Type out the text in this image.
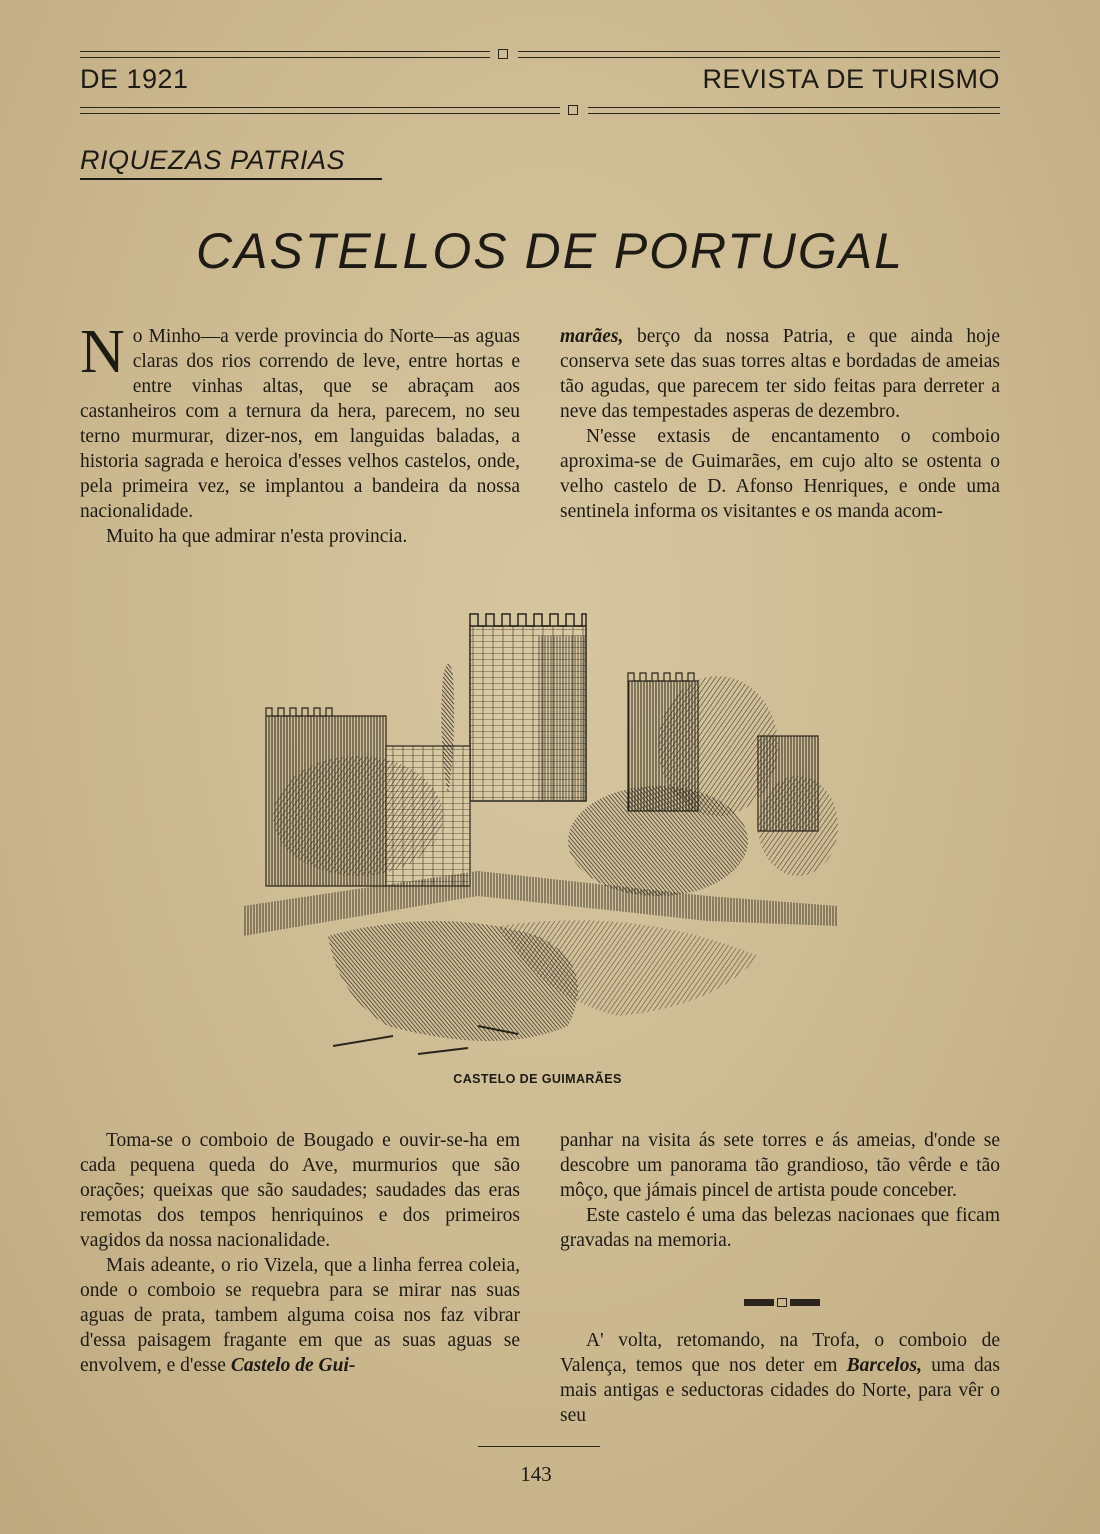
DE 1921	REVISTA DE TURISMO
RIQUEZAS PATRIAS
CASTELLOS DE PORTUGAL

No Minho—a verde provincia do Norte—as aguas claras dos rios correndo de leve, entre hortas e entre vinhas altas, que se abraçam aos castanheiros com a ternura da hera, parecem, no seu terno murmurar, dizer-nos, em languidas baladas, a historia sagrada e heroica d'esses velhos castelos, onde, pela primeira vez, se implantou a bandeira da nossa nacionalidade.

Muito ha que admirar n'esta provincia.

marães, berço da nossa Patria, e que ainda hoje conserva sete das suas torres altas e bordadas de ameias tão agudas, que parecem ter sido feitas para derreter a neve das tempestades asperas de dezembro.

N'esse extasis de encantamento o comboio aproxima-se de Guimarães, em cujo alto se ostenta o velho castelo de D. Afonso Henriques, e onde uma sentinela informa os visitantes e os manda acom-

CASTELO DE GUIMARÃES

Toma-se o comboio de Bougado e ouvir-se-ha em cada pequena queda do Ave, murmurios que são orações; queixas que são saudades; saudades das eras remotas dos tempos henriquinos e dos primeiros vagidos da nossa nacionalidade.

Mais adeante, o rio Vizela, que a linha ferrea coleia, onde o comboio se requebra para se mirar nas suas aguas de prata, tambem alguma coisa nos faz vibrar d'essa paisagem fragante em que as suas aguas se envolvem, e d'esse Castelo de Gui-

panhar na visita ás sete torres e ás ameias, d'onde se descobre um panorama tão grandioso, tão vêrde e tão môço, que jámais pincel de artista poude conceber.

Este castelo é uma das belezas nacionaes que ficam gravadas na memoria.

A' volta, retomando, na Trofa, o comboio de Valença, temos que nos deter em Barcelos, uma das mais antigas e seductoras cidades do Norte, para vêr o seu

143
